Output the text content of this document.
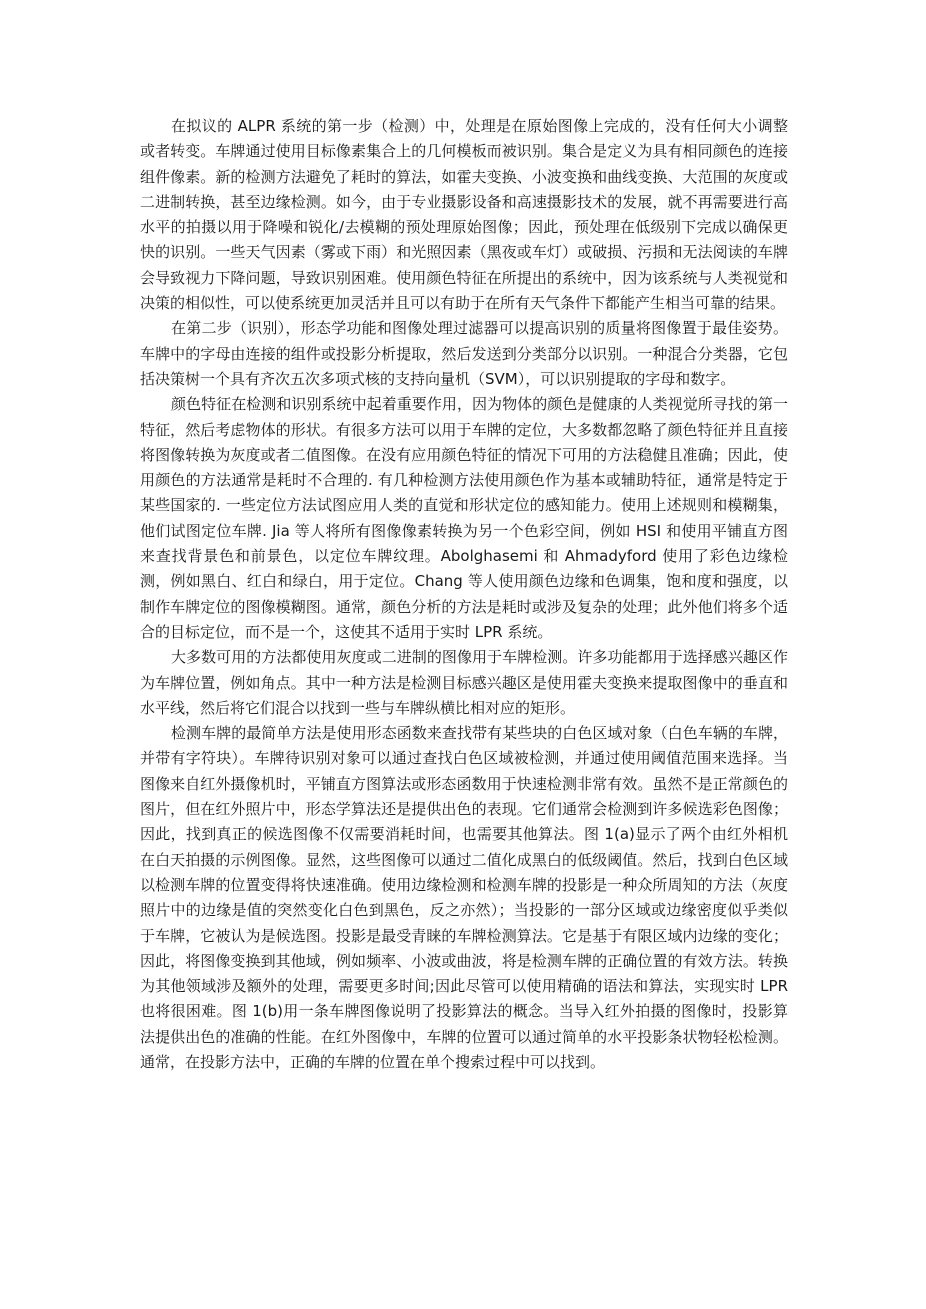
在拟议的 ALPR 系统的第一步（检测）中，处理是在原始图像上完成的，没有任何大小调整或者转变。车牌通过使用目标像素集合上的几何模板而被识别。集合是定义为具有相同颜色的连接组件像素。新的检测方法避免了耗时的算法，如霍夫变换、小波变换和曲线变换、大范围的灰度或二进制转换，甚至边缘检测。如今，由于专业摄影设备和高速摄影技术的发展，就不再需要进行高水平的拍摄以用于降噪和锐化/去模糊的预处理原始图像；因此，预处理在低级别下完成以确保更快的识别。一些天气因素（雾或下雨）和光照因素（黑夜或车灯）或破损、污损和无法阅读的车牌会导致视力下降问题，导致识别困难。使用颜色特征在所提出的系统中，因为该系统与人类视觉和决策的相似性，可以使系统更加灵活并且可以有助于在所有天气条件下都能产生相当可靠的结果。

在第二步（识别），形态学功能和图像处理过滤器可以提高识别的质量将图像置于最佳姿势。车牌中的字母由连接的组件或投影分析提取，然后发送到分类部分以识别。一种混合分类器，它包括决策树一个具有齐次五次多项式核的支持向量机（SVM），可以识别提取的字母和数字。

颜色特征在检测和识别系统中起着重要作用，因为物体的颜色是健康的人类视觉所寻找的第一特征，然后考虑物体的形状。有很多方法可以用于车牌的定位，大多数都忽略了颜色特征并且直接将图像转换为灰度或者二值图像。在没有应用颜色特征的情况下可用的方法稳健且准确；因此，使用颜色的方法通常是耗时不合理的. 有几种检测方法使用颜色作为基本或辅助特征，通常是特定于某些国家的. 一些定位方法试图应用人类的直觉和形状定位的感知能力。使用上述规则和模糊集，他们试图定位车牌. Jia 等人将所有图像像素转换为另一个色彩空间，例如 HSI 和使用平铺直方图来查找背景色和前景色，以定位车牌纹理。Abolghasemi 和 Ahmadyford 使用了彩色边缘检测，例如黑白、红白和绿白，用于定位。Chang 等人使用颜色边缘和色调集，饱和度和强度，以制作车牌定位的图像模糊图。通常，颜色分析的方法是耗时或涉及复杂的处理；此外他们将多个适合的目标定位，而不是一个，这使其不适用于实时 LPR 系统。

大多数可用的方法都使用灰度或二进制的图像用于车牌检测。许多功能都用于选择感兴趣区作为车牌位置，例如角点。其中一种方法是检测目标感兴趣区是使用霍夫变换来提取图像中的垂直和水平线，然后将它们混合以找到一些与车牌纵横比相对应的矩形。

检测车牌的最简单方法是使用形态函数来查找带有某些块的白色区域对象（白色车辆的车牌，并带有字符块）。车牌待识别对象可以通过查找白色区域被检测，并通过使用阈值范围来选择。当图像来自红外摄像机时，平铺直方图算法或形态函数用于快速检测非常有效。虽然不是正常颜色的图片，但在红外照片中，形态学算法还是提供出色的表现。它们通常会检测到许多候选彩色图像；因此，找到真正的候选图像不仅需要消耗时间，也需要其他算法。图 1(a)显示了两个由红外相机在白天拍摄的示例图像。显然，这些图像可以通过二值化成黑白的低级阈值。然后，找到白色区域以检测车牌的位置变得将快速准确。使用边缘检测和检测车牌的投影是一种众所周知的方法（灰度照片中的边缘是值的突然变化白色到黑色，反之亦然）；当投影的一部分区域或边缘密度似乎类似于车牌，它被认为是候选图。投影是最受青睐的车牌检测算法。它是基于有限区域内边缘的变化；因此，将图像变换到其他域，例如频率、小波或曲波，将是检测车牌的正确位置的有效方法。转换为其他领域涉及额外的处理，需要更多时间;因此尽管可以使用精确的语法和算法，实现实时 LPR 也将很困难。图 1(b)用一条车牌图像说明了投影算法的概念。当导入红外拍摄的图像时，投影算法提供出色的准确的性能。在红外图像中，车牌的位置可以通过简单的水平投影条状物轻松检测。通常，在投影方法中，正确的车牌的位置在单个搜索过程中可以找到。
